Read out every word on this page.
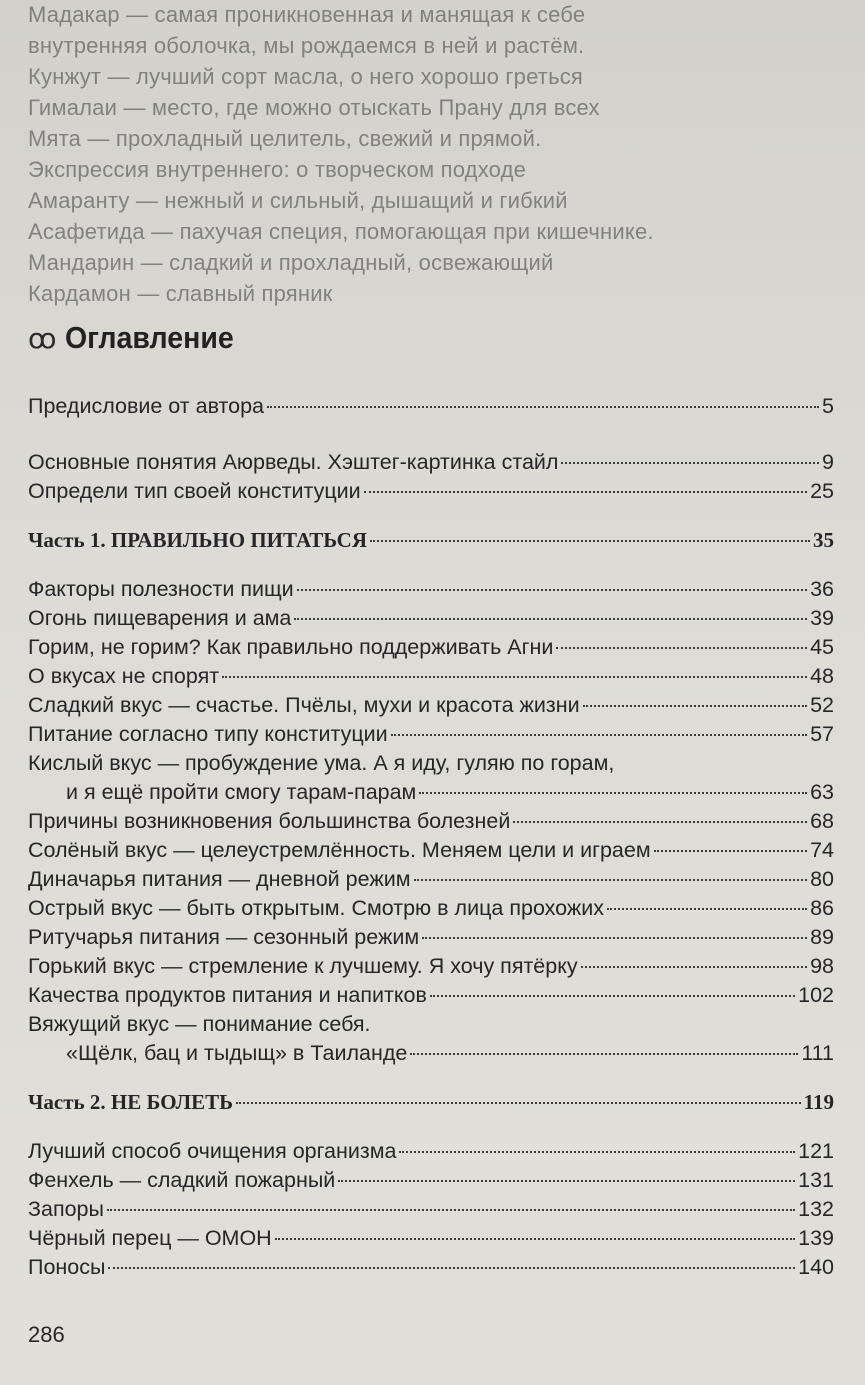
Мадакар — самая проникновенная и манящая к себе
внутренняя оболочка, мы рождаемся в ней и растём.
Кунжут — лучший сорт масла, о него хорошо греться
Гималаи — место, где можно отыскать Прану для всех
Мята — прохладный целитель, свежий и прямой.
Экспрессия внутреннего: о творческом подходе
Амаранту — нежный и сильный, дышащий и гибкий
Асафетида — пахучая специя, помогающая при кишечнике.
Мандарин — сладкий и прохладный, освежающий
Кардамон — славный пряник
ꝏ Оглавление
Предисловие от автора	5
Основные понятия Аюрведы. Хэштег-картинка стайл	9
Определи тип своей конституции	25
Часть 1. ПРАВИЛЬНО ПИТАТЬСЯ	35
Факторы полезности пищи	36
Огонь пищеварения и ама	39
Горим, не горим? Как правильно поддерживать Агни	45
О вкусах не спорят	48
Сладкий вкус — счастье. Пчёлы, мухи и красота жизни	52
Питание согласно типу конституции	57
Кислый вкус — пробуждение ума. А я иду, гуляю по горам,
и я ещё пройти смогу тарам-парам	63
Причины возникновения большинства болезней	68
Солёный вкус — целеустремлённость. Меняем цели и играем	74
Диначарья питания — дневной режим	80
Острый вкус — быть открытым. Смотрю в лица прохожих	86
Ритучарья питания — сезонный режим	89
Горький вкус — стремление к лучшему. Я хочу пятёрку	98
Качества продуктов питания и напитков	102
Вяжущий вкус — понимание себя.
«Щёлк, бац и тыдыщ» в Таиланде	111
Часть 2. НЕ БОЛЕТЬ	119
Лучший способ очищения организма	121
Фенхель — сладкий пожарный	131
Запоры	132
Чёрный перец — ОМОН	139
Поносы	140
286
